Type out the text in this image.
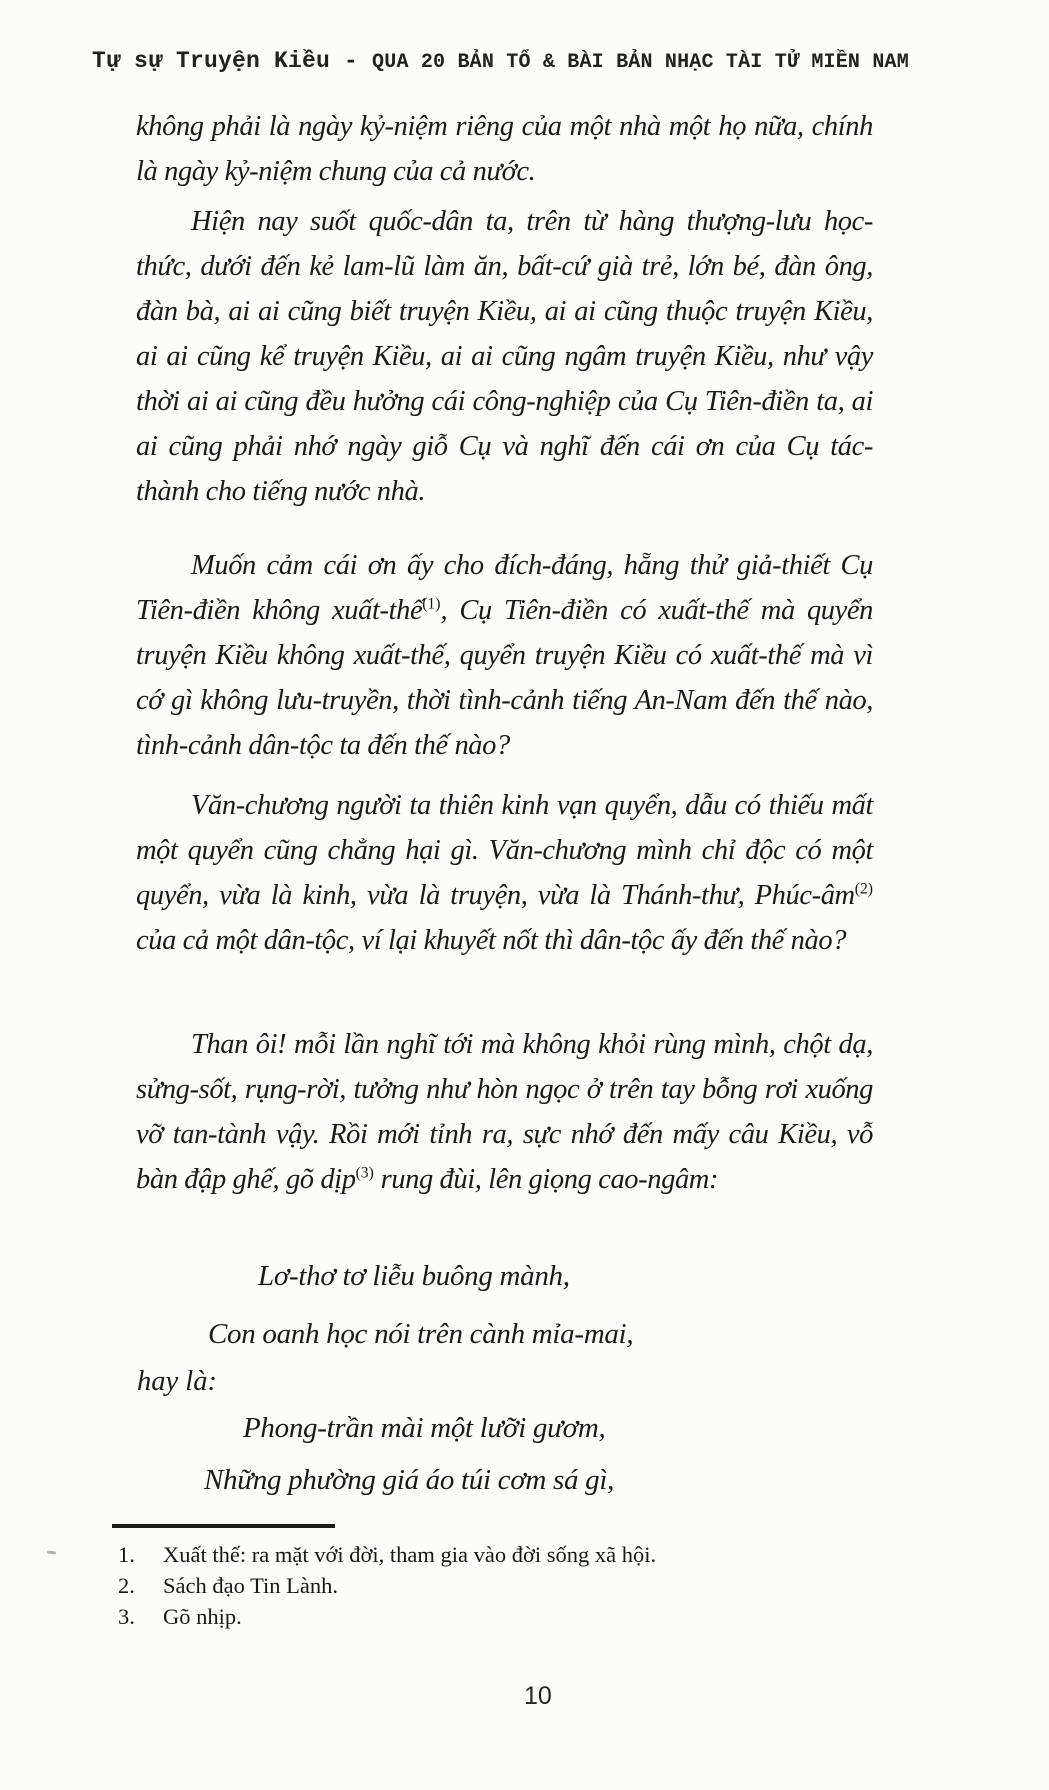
Tự sự Truyện Kiều - QUA 20 BẢN TỔ & BÀI BẢN NHẠC TÀI TỬ MIỀN NAM
không phải là ngày kỷ-niệm riêng của một nhà một họ nữa, chính là ngày kỷ-niệm chung của cả nước.
Hiện nay suốt quốc-dân ta, trên từ hàng thượng-lưu học-thức, dưới đến kẻ lam-lũ làm ăn, bất-cứ già trẻ, lớn bé, đàn ông, đàn bà, ai ai cũng biết truyện Kiều, ai ai cũng thuộc truyện Kiều, ai ai cũng kể truyện Kiều, ai ai cũng ngâm truyện Kiều, như vậy thời ai ai cũng đều hưởng cái công-nghiệp của Cụ Tiên-điền ta, ai ai cũng phải nhớ ngày giỗ Cụ và nghĩ đến cái ơn của Cụ tác-thành cho tiếng nước nhà.
Muốn cảm cái ơn ấy cho đích-đáng, hẵng thử giả-thiết Cụ Tiên-điền không xuất-thế$^{(1)}$, Cụ Tiên-điền có xuất-thế mà quyển truyện Kiều không xuất-thế, quyển truyện Kiều có xuất-thế mà vì cớ gì không lưu-truyền, thời tình-cảnh tiếng An-Nam đến thế nào, tình-cảnh dân-tộc ta đến thế nào?
Văn-chương người ta thiên kinh vạn quyển, dẫu có thiếu mất một quyển cũng chẳng hại gì. Văn-chương mình chỉ độc có một quyển, vừa là kinh, vừa là truyện, vừa là Thánh-thư, Phúc-âm$^{(2)}$ của cả một dân-tộc, ví lại khuyết nốt thì dân-tộc ấy đến thế nào?
Than ôi! mỗi lần nghĩ tới mà không khỏi rùng mình, chột dạ, sửng-sốt, rụng-rời, tưởng như hòn ngọc ở trên tay bỗng rơi xuống vỡ tan-tành vậy. Rồi mới tỉnh ra, sực nhớ đến mấy câu Kiều, vỗ bàn đập ghế, gõ dịp$^{(3)}$ rung đùi, lên giọng cao-ngâm:
Lơ-thơ tơ liễu buông mành,
Con oanh học nói trên cành mỉa-mai,
hay là:
Phong-trần mài một lưỡi gươm,
Những phường giá áo túi cơm sá gì,
1. Xuất thế: ra mặt với đời, tham gia vào đời sống xã hội.
2. Sách đạo Tin Lành.
3. Gõ nhịp.
10
